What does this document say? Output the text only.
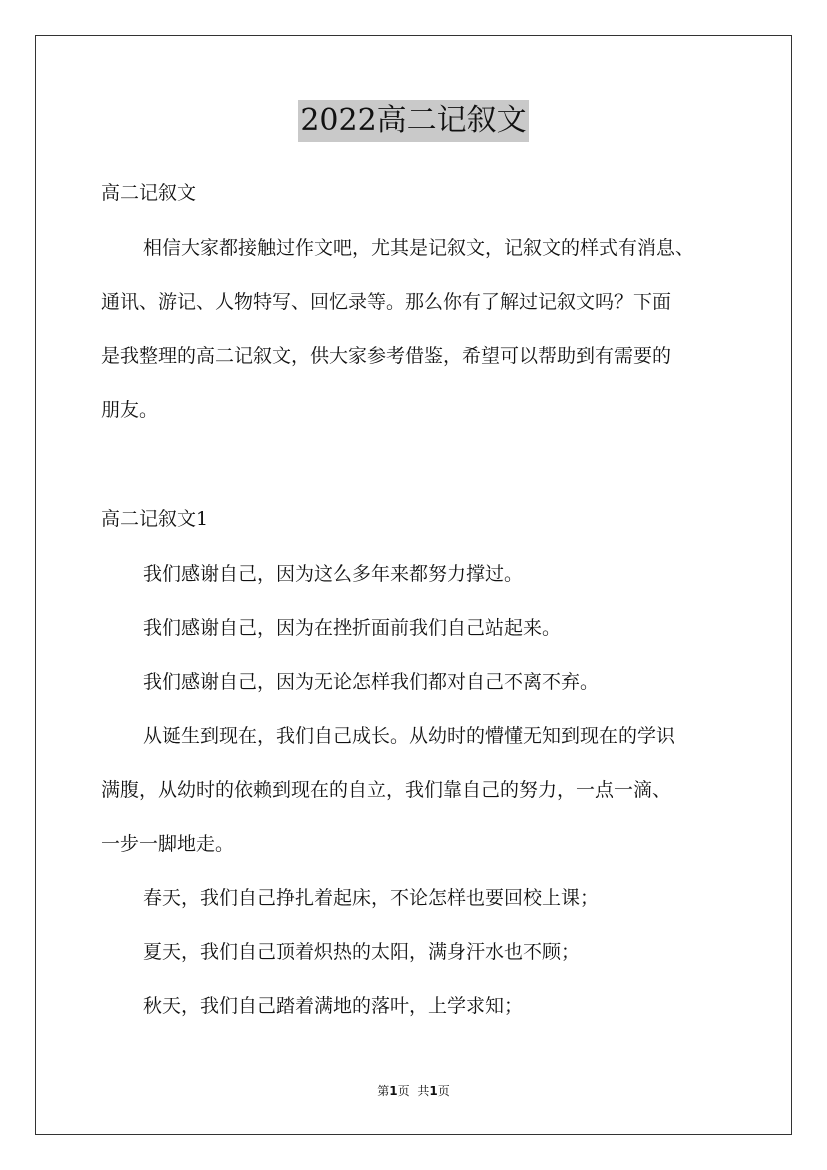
2022高二记叙文
高二记叙文
相信大家都接触过作文吧，尤其是记叙文，记叙文的样式有消息、
通讯、游记、人物特写、回忆录等。那么你有了解过记叙文吗？下面
是我整理的高二记叙文，供大家参考借鉴，希望可以帮助到有需要的
朋友。
高二记叙文1
我们感谢自己，因为这么多年来都努力撑过。
我们感谢自己，因为在挫折面前我们自己站起来。
我们感谢自己，因为无论怎样我们都对自己不离不弃。
从诞生到现在，我们自己成长。从幼时的懵懂无知到现在的学识
满腹，从幼时的依赖到现在的自立，我们靠自己的努力，一点一滴、
一步一脚地走。
春天，我们自己挣扎着起床，不论怎样也要回校上课；
夏天，我们自己顶着炽热的太阳，满身汗水也不顾；
秋天，我们自己踏着满地的落叶，上学求知；
第1页 共1页
